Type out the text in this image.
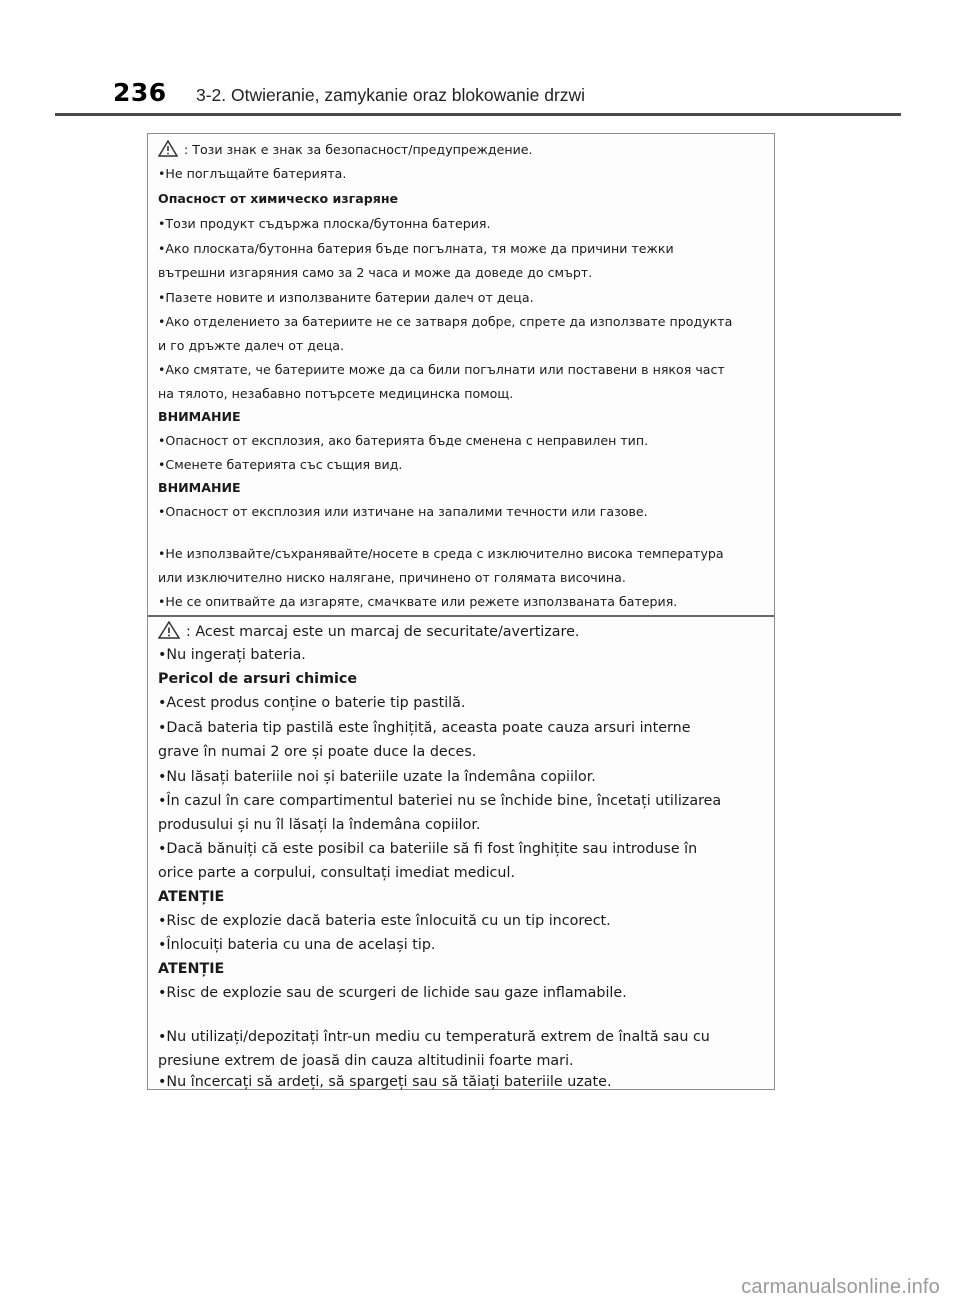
236 3-2. Otwieranie, zamykanie oraz blokowanie drzwi
: Този знак е знак за безопасност/предупреждение.
•Не поглъщайте батерията.
Опасност от химическо изгаряне
•Този продукт съдържа плоска/бутонна батерия.
•Ако плоската/бутонна батерия бъде погълната, тя може да причини тежки
вътрешни изгаряния само за 2 часа и може да доведе до смърт.
•Пазете новите и използваните батерии далеч от деца.
•Ако отделението за батериите не се затваря добре, спрете да използвате продукта
и го дръжте далеч от деца.
•Ако смятате, че батериите може да са били погълнати или поставени в някоя част
на тялото, незабавно потърсете медицинска помощ.
ВНИМАНИЕ
•Опасност от експлозия, ако батерията бъде сменена с неправилен тип.
•Сменете батерията със същия вид.
ВНИМАНИЕ
•Опасност от експлозия или изтичане на запалими течности или газове.
•Не използвайте/съхранявайте/носете в среда с изключително висока температура
или изключително ниско налягане, причинено от голямата височина.
•Не се опитвайте да изгаряте, смачквате или режете използваната батерия.
: Acest marcaj este un marcaj de securitate/avertizare.
•Nu ingerați bateria.
Pericol de arsuri chimice
•Acest produs conține o baterie tip pastilă.
•Dacă bateria tip pastilă este înghițită, aceasta poate cauza arsuri interne
grave în numai 2 ore și poate duce la deces.
•Nu lăsați bateriile noi și bateriile uzate la îndemâna copiilor.
•În cazul în care compartimentul bateriei nu se închide bine, încetați utilizarea
produsului și nu îl lăsați la îndemâna copiilor.
•Dacă bănuiți că este posibil ca bateriile să fi fost înghițite sau introduse în
orice parte a corpului, consultați imediat medicul.
ATENȚIE
•Risc de explozie dacă bateria este înlocuită cu un tip incorect.
•Înlocuiți bateria cu una de același tip.
ATENȚIE
•Risc de explozie sau de scurgeri de lichide sau gaze inflamabile.
•Nu utilizați/depozitați într-un mediu cu temperatură extrem de înaltă sau cu
presiune extrem de joasă din cauza altitudinii foarte mari.
•Nu încercați să ardeți, să spargeți sau să tăiați bateriile uzate.
carmanualsonline.info
